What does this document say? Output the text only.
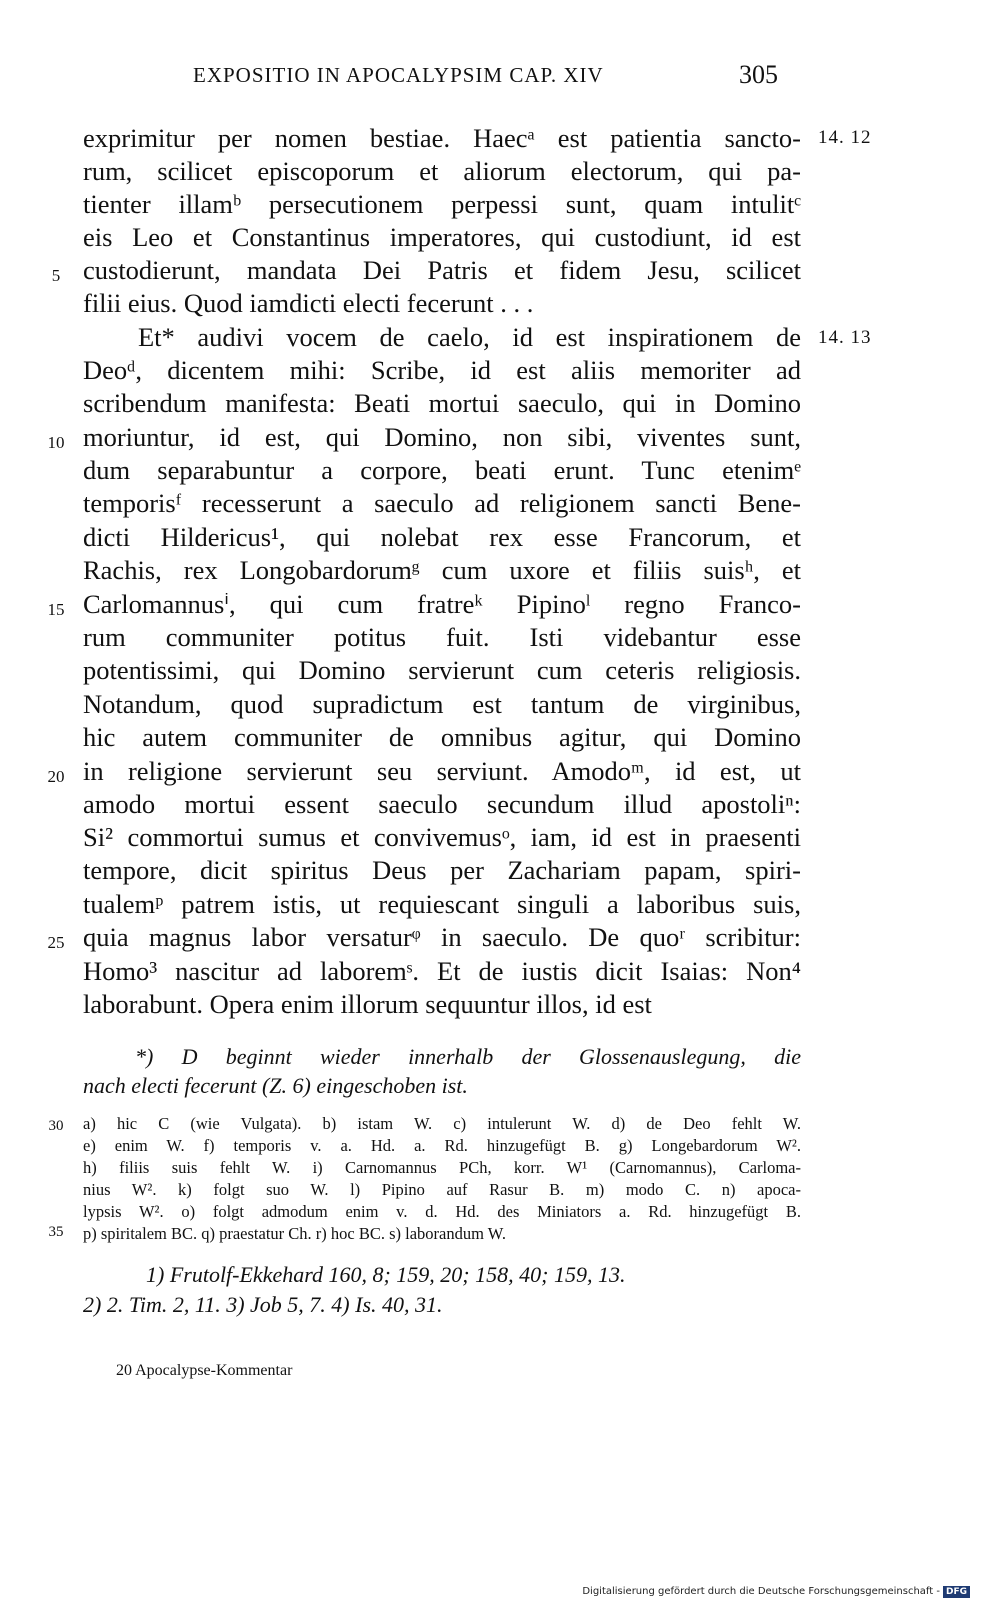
EXPOSITIO IN APOCALYPSIM CAP. XIV	305
exprimitur per nomen bestiae. Haecᵃ est patientia sancto-
rum, scilicet episcoporum et aliorum electorum, qui pa-
tienter illamᵇ persecutionem perpessi sunt, quam intulitᶜ
eis Leo et Constantinus imperatores, qui custodiunt, id est
custodierunt, mandata Dei Patris et fidem Jesu, scilicet
filii eius. Quod iamdicti electi fecerunt . . .
Et* audivi vocem de caelo, id est inspirationem de
Deoᵈ, dicentem mihi: Scribe, id est aliis memoriter ad
scribendum manifesta: Beati mortui saeculo, qui in Domino
moriuntur, id est, qui Domino, non sibi, viventes sunt,
dum separabuntur a corpore, beati erunt. Tunc etenimᵉ
temporisᶠ recesserunt a saeculo ad religionem sancti Bene-
dicti Hildericus¹, qui nolebat rex esse Francorum, et
Rachis, rex Longobardorumᵍ cum uxore et filiis suisʰ, et
Carlomannusⁱ, qui cum fratreᵏ Pipinoˡ regno Franco-
rum communiter potitus fuit. Isti videbantur esse
potentissimi, qui Domino servierunt cum ceteris religiosis.
Notandum, quod supradictum est tantum de virginibus,
hic autem communiter de omnibus agitur, qui Domino
in religione servierunt seu serviunt. Amodoᵐ, id est, ut
amodo mortui essent saeculo secundum illud apostoliⁿ:
Si² commortui sumus et convivemusᵒ, iam, id est in praesenti
tempore, dicit spiritus Deus per Zachariam papam, spiri-
tualemᵖ patrem istis, ut requiescant singuli a laboribus suis,
quia magnus labor versaturᵠ in saeculo. De quoʳ scribitur:
Homo³ nascitur ad laboremˢ. Et de iustis dicit Isaias: Non⁴
laborabunt. Opera enim illorum sequuntur illos, id est
5
10
15
20
25
14. 12
14. 13
*) D beginnt wieder innerhalb der Glossenauslegung, die
nach electi fecerunt (Z. 6) eingeschoben ist.
30
35
a) hic C (wie Vulgata). b) istam W. c) intulerunt W. d) de Deo fehlt W.
e) enim W. f) temporis v. a. Hd. a. Rd. hinzugefügt B. g) Longebardorum W².
h) filiis suis fehlt W. i) Carnomannus PCh, korr. W¹ (Carnomannus), Carloma-
nius W². k) folgt suo W. l) Pipino auf Rasur B. m) modo C. n) apoca-
lypsis W². o) folgt admodum enim v. d. Hd. des Miniators a. Rd. hinzugefügt B.
p) spiritalem BC. q) praestatur Ch. r) hoc BC. s) laborandum W.
1) Frutolf-Ekkehard 160, 8; 159, 20; 158, 40; 159, 13.
2) 2. Tim. 2, 11. 3) Job 5, 7. 4) Is. 40, 31.
20 Apocalypse-Kommentar
Digitalisierung gefördert durch die Deutsche Forschungsgemeinschaft - DFG
